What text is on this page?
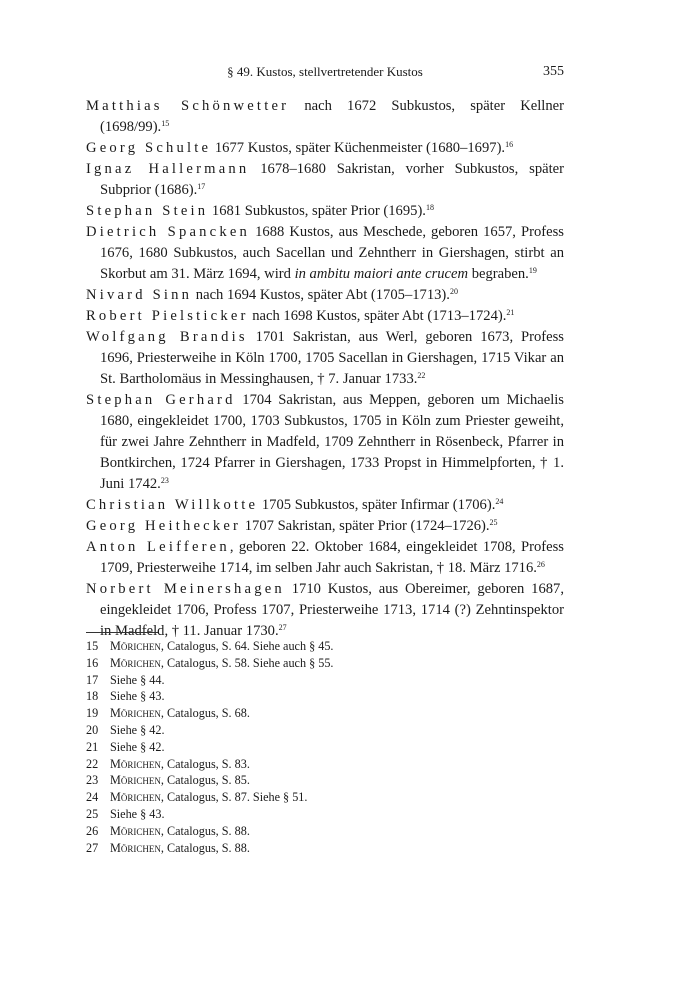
§ 49. Kustos, stellvertretender Kustos	355

Matthias Schönwetter nach 1672 Subkustos, später Kellner (1698/99).$^{15}$

Georg Schulte 1677 Kustos, später Küchenmeister (1680–1697).$^{16}$

Ignaz Hallermann 1678–1680 Sakristan, vorher Subkustos, später Subprior (1686).$^{17}$

Stephan Stein 1681 Subkustos, später Prior (1695).$^{18}$

Dietrich Spancken 1688 Kustos, aus Meschede, geboren 1657, Profess 1676, 1680 Subkustos, auch Sacellan und Zehntherr in Giershagen, stirbt an Skorbut am 31. März 1694, wird in ambitu maiori ante crucem begraben.$^{19}$

Nivard Sinn nach 1694 Kustos, später Abt (1705–1713).$^{20}$

Robert Pielsticker nach 1698 Kustos, später Abt (1713–1724).$^{21}$

Wolfgang Brandis 1701 Sakristan, aus Werl, geboren 1673, Profess 1696, Priesterweihe in Köln 1700, 1705 Sacellan in Giershagen, 1715 Vikar an St. Bartholomäus in Messinghausen, † 7. Januar 1733.22

Stephan Gerhard 1704 Sakristan, aus Meppen, geboren um Michaelis 1680, eingekleidet 1700, 1703 Subkustos, 1705 in Köln zum Priester geweiht, für zwei Jahre Zehntherr in Madfeld, 1709 Zehntherr in Rösenbeck, Pfarrer in Bontkirchen, 1724 Pfarrer in Giershagen, 1733 Propst in Himmelpforten, † 1. Juni 1742.23

Christian Willkotte 1705 Subkustos, später Infirmar (1706).$^{24}$

Georg Heithecker 1707 Sakristan, später Prior (1724–1726).$^{25}$

Anton Leifferen, geboren 22. Oktober 1684, eingekleidet 1708, Profess 1709, Priesterweihe 1714, im selben Jahr auch Sakristan, † 18. März 1716.26

Norbert Meinershagen 1710 Kustos, aus Obereimer, geboren 1687, eingekleidet 1706, Profess 1707, Priesterweihe 1713, 1714 (?) Zehntinspektor in Madfeld, † 11. Januar 1730.27

15 Mörichen, Catalogus, S. 64. Siehe auch § 45.
16 Mörichen, Catalogus, S. 58. Siehe auch § 55.
17 Siehe § 44.
18 Siehe § 43.
19 Mörichen, Catalogus, S. 68.
20 Siehe § 42.
21 Siehe § 42.
22 Mörichen, Catalogus, S. 83.
23 Mörichen, Catalogus, S. 85.
24 Mörichen, Catalogus, S. 87. Siehe § 51.
25 Siehe § 43.
26 Mörichen, Catalogus, S. 88.
27 Mörichen, Catalogus, S. 88.
